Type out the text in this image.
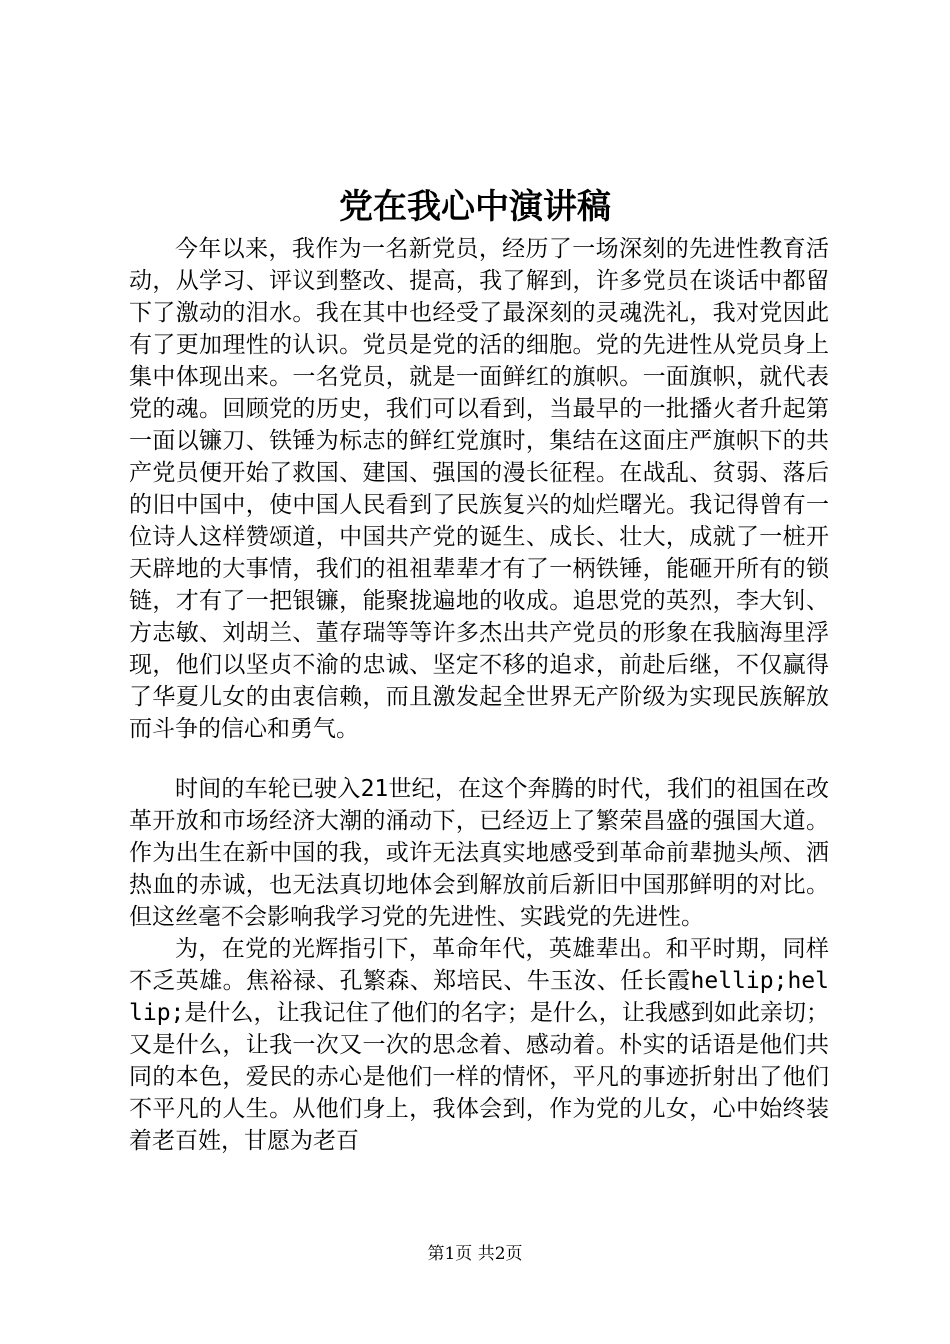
党在我心中演讲稿

今年以来，我作为一名新党员，经历了一场深刻的先进性教育活动，从学习、评议到整改、提高，我了解到，许多党员在谈话中都留下了激动的泪水。我在其中也经受了最深刻的灵魂洗礼，我对党因此有了更加理性的认识。党员是党的活的细胞。党的先进性从党员身上集中体现出来。一名党员，就是一面鲜红的旗帜。一面旗帜，就代表党的魂。回顾党的历史，我们可以看到，当最早的一批播火者升起第一面以镰刀、铁锤为标志的鲜红党旗时，集结在这面庄严旗帜下的共产党员便开始了救国、建国、强国的漫长征程。在战乱、贫弱、落后的旧中国中，使中国人民看到了民族复兴的灿烂曙光。我记得曾有一位诗人这样赞颂道，中国共产党的诞生、成长、壮大，成就了一桩开天辟地的大事情，我们的祖祖辈辈才有了一柄铁锤，能砸开所有的锁链，才有了一把银镰，能聚拢遍地的收成。追思党的英烈，李大钊、方志敏、刘胡兰、董存瑞等等许多杰出共产党员的形象在我脑海里浮现，他们以坚贞不渝的忠诚、坚定不移的追求，前赴后继，不仅赢得了华夏儿女的由衷信赖，而且激发起全世界无产阶级为实现民族解放而斗争的信心和勇气。

时间的车轮已驶入21世纪，在这个奔腾的时代，我们的祖国在改革开放和市场经济大潮的涌动下，已经迈上了繁荣昌盛的强国大道。作为出生在新中国的我，或许无法真实地感受到革命前辈抛头颅、洒热血的赤诚，也无法真切地体会到解放前后新旧中国那鲜明的对比。但这丝毫不会影响我学习党的先进性、实践党的先进性。

为，在党的光辉指引下，革命年代，英雄辈出。和平时期，同样不乏英雄。焦裕禄、孔繁森、郑培民、牛玉汝、任长霞hellip;hellip;是什么，让我记住了他们的名字；是什么，让我感到如此亲切；又是什么，让我一次又一次的思念着、感动着。朴实的话语是他们共同的本色，爱民的赤心是他们一样的情怀，平凡的事迹折射出了他们不平凡的人生。从他们身上，我体会到，作为党的儿女，心中始终装着老百姓，甘愿为老百

第1页 共2页
